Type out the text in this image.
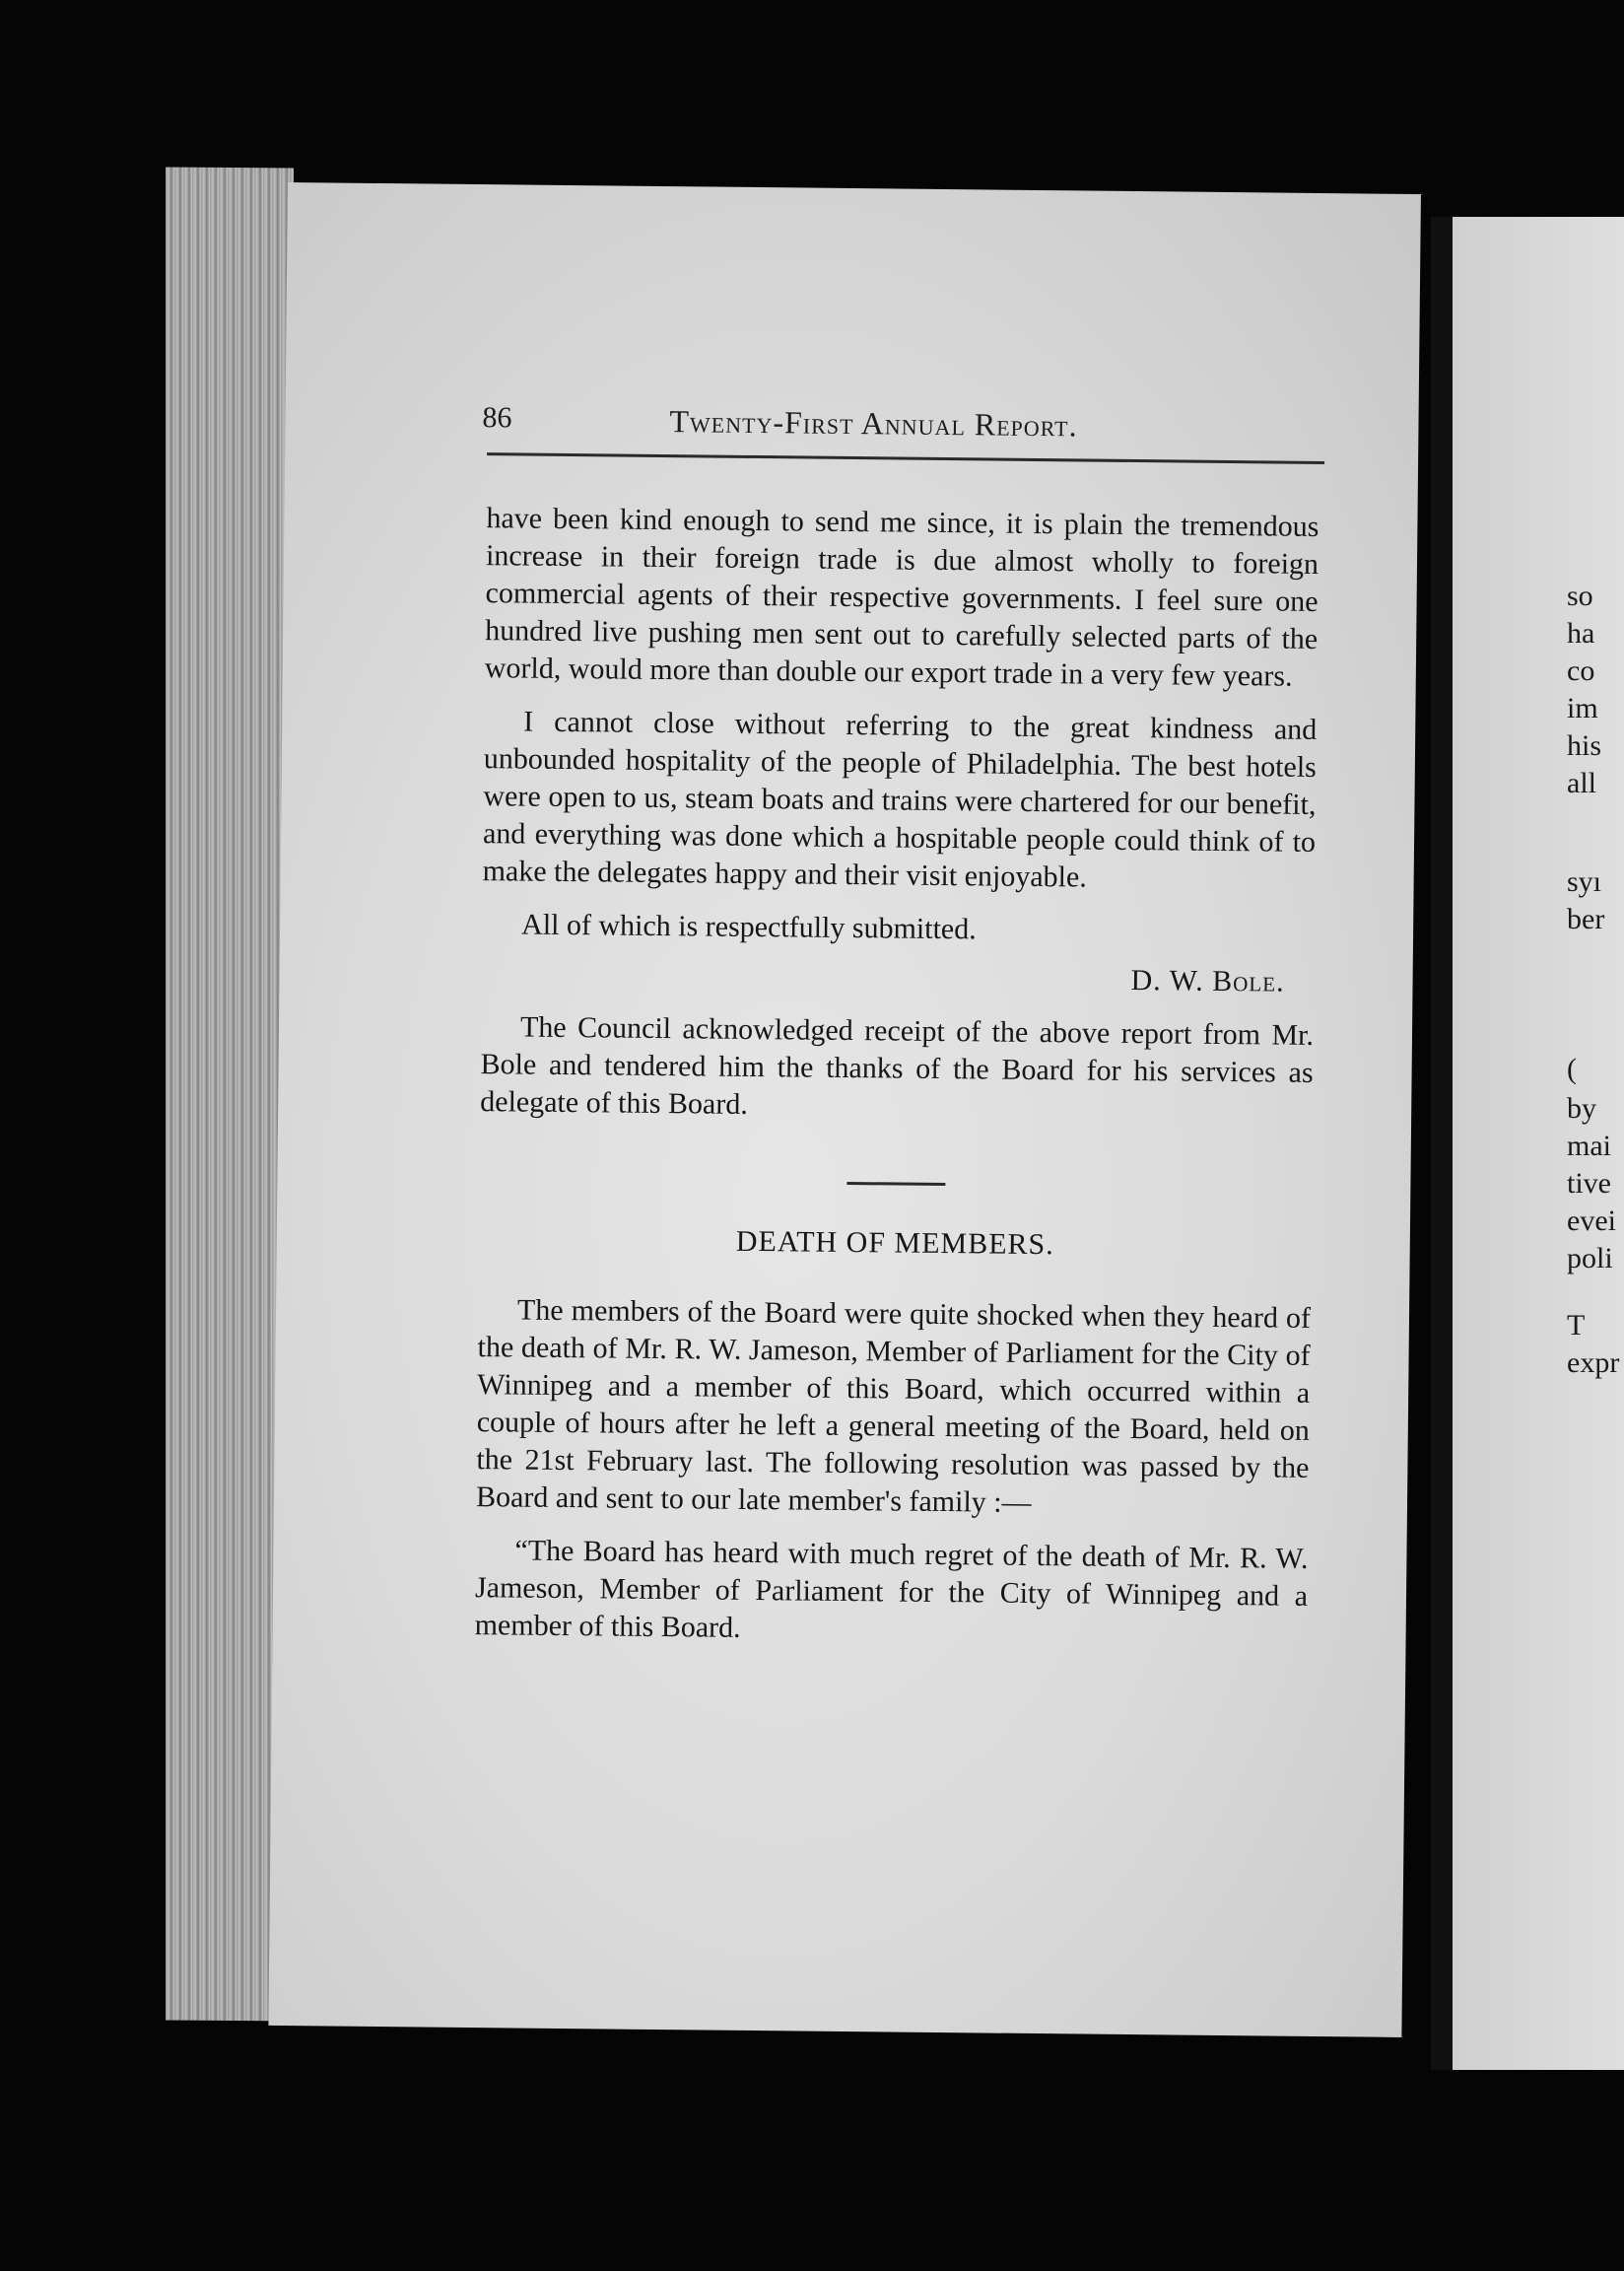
86	Twenty-First Annual Report.

have been kind enough to send me since, it is plain the tremendous increase in their foreign trade is due almost wholly to foreign commercial agents of their respective governments. I feel sure one hundred live pushing men sent out to carefully selected parts of the world, would more than double our export trade in a very few years.

I cannot close without referring to the great kindness and unbounded hospitality of the people of Philadelphia. The best hotels were open to us, steam boats and trains were chartered for our benefit, and everything was done which a hospitable people could think of to make the delegates happy and their visit enjoyable.

All of which is respectfully submitted.

D. W. Bole.

The Council acknowledged receipt of the above report from Mr. Bole and tendered him the thanks of the Board for his services as delegate of this Board.

DEATH OF MEMBERS.

The members of the Board were quite shocked when they heard of the death of Mr. R. W. Jameson, Member of Parliament for the City of Winnipeg and a member of this Board, which occurred within a couple of hours after he left a general meeting of the Board, held on the 21st February last. The following resolution was passed by the Board and sent to our late member's family :—

“The Board has heard with much regret of the death of Mr. R. W. Jameson, Member of Parliament for the City of Winnipeg and a member of this Board.

so
ha
co
im
his
all
syı
ber
(
by
mai
tive
evei
poli
T
expr
